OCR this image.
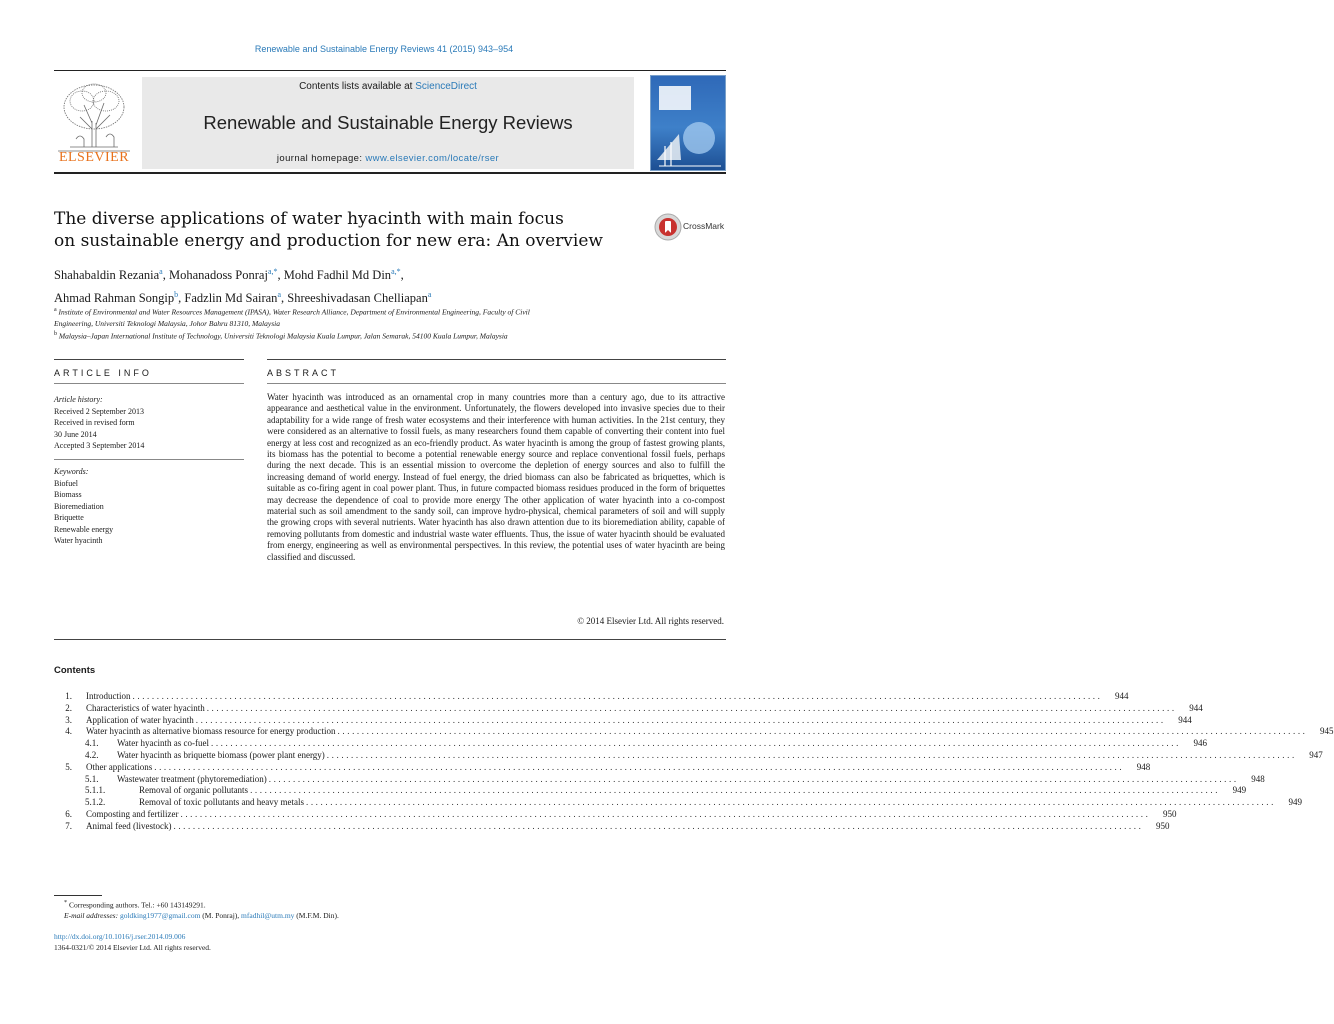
Renewable and Sustainable Energy Reviews 41 (2015) 943–954
ELSEVIER
Contents lists available at ScienceDirect
Renewable and Sustainable Energy Reviews
journal homepage: www.elsevier.com/locate/rser
The diverse applications of water hyacinth with main focus
on sustainable energy and production for new era: An overview
CrossMark
Shahabaldin Rezania$^a$, Mohanadoss Ponraj$^{a,*}$, Mohd Fadhil Md Din$^{a,*}$,
Ahmad Rahman Songip$^b$, Fadzlin Md Sairan$^a$, Shreeshivadasan Chelliapan$^a$
$^a$ Institute of Environmental and Water Resources Management (IPASA), Water Research Alliance, Department of Environmental Engineering, Faculty of Civil
Engineering, Universiti Teknologi Malaysia, Johor Bahru 81310, Malaysia
$^b$ Malaysia–Japan International Institute of Technology, Universiti Teknologi Malaysia Kuala Lumpur, Jalan Semarak, 54100 Kuala Lumpur, Malaysia
ARTICLE INFO	ABSTRACT
Article history:
Received 2 September 2013
Received in revised form
30 June 2014
Accepted 3 September 2014
Keywords:
Biofuel
Biomass
Bioremediation
Briquette
Renewable energy
Water hyacinth
Water hyacinth was introduced as an ornamental crop in many countries more than a century ago, due to its attractive appearance and aesthetical value in the environment. Unfortunately, the flowers developed into invasive species due to their adaptability for a wide range of fresh water ecosystems and their interference with human activities. In the 21st century, they were considered as an alternative to fossil fuels, as many researchers found them capable of converting their content into fuel energy at less cost and recognized as an eco-friendly product. As water hyacinth is among the group of fastest growing plants, its biomass has the potential to become a potential renewable energy source and replace conventional fossil fuels, perhaps during the next decade. This is an essential mission to overcome the depletion of energy sources and also to fulfill the increasing demand of world energy. Instead of fuel energy, the dried biomass can also be fabricated as briquettes, which is suitable as co-firing agent in coal power plant. Thus, in future compacted biomass residues produced in the form of briquettes may decrease the dependence of coal to provide more energy The other application of water hyacinth into a co-compost material such as soil amendment to the sandy soil, can improve hydro-physical, chemical parameters of soil and will supply the growing crops with several nutrients. Water hyacinth has also drawn attention due to its bioremediation ability, capable of removing pollutants from domestic and industrial waste water effluents. Thus, the issue of water hyacinth should be evaluated from energy, engineering as well as environmental perspectives. In this review, the potential uses of water hyacinth are being classified and discussed.
© 2014 Elsevier Ltd. All rights reserved.
Contents
1. Introduction ........................................................................................................................................................................................................	944
2. Characteristics of water hyacinth ........................................................................................................................................................................................................	944
3. Application of water hyacinth ........................................................................................................................................................................................................	944
4. Water hyacinth as alternative biomass resource for energy production ........................................................................................................................................................................................................	945
4.1.	Water hyacinth as co-fuel ........................................................................................................................................................................................................	946
4.2.	Water hyacinth as briquette biomass (power plant energy) ........................................................................................................................................................................................................	947
5. Other applications ........................................................................................................................................................................................................	948
5.1.	Wastewater treatment (phytoremediation) ........................................................................................................................................................................................................	948
5.1.1.	Removal of organic pollutants ........................................................................................................................................................................................................	949
5.1.2.	Removal of toxic pollutants and heavy metals ........................................................................................................................................................................................................	949
6. Composting and fertilizer ........................................................................................................................................................................................................	950
7. Animal feed (livestock) ........................................................................................................................................................................................................	950
* Corresponding authors. Tel.: +60 143149291.
E-mail addresses: goldking1977@gmail.com (M. Ponraj), mfadhil@utm.my (M.F.M. Din).
http://dx.doi.org/10.1016/j.rser.2014.09.006
1364-0321/© 2014 Elsevier Ltd. All rights reserved.
